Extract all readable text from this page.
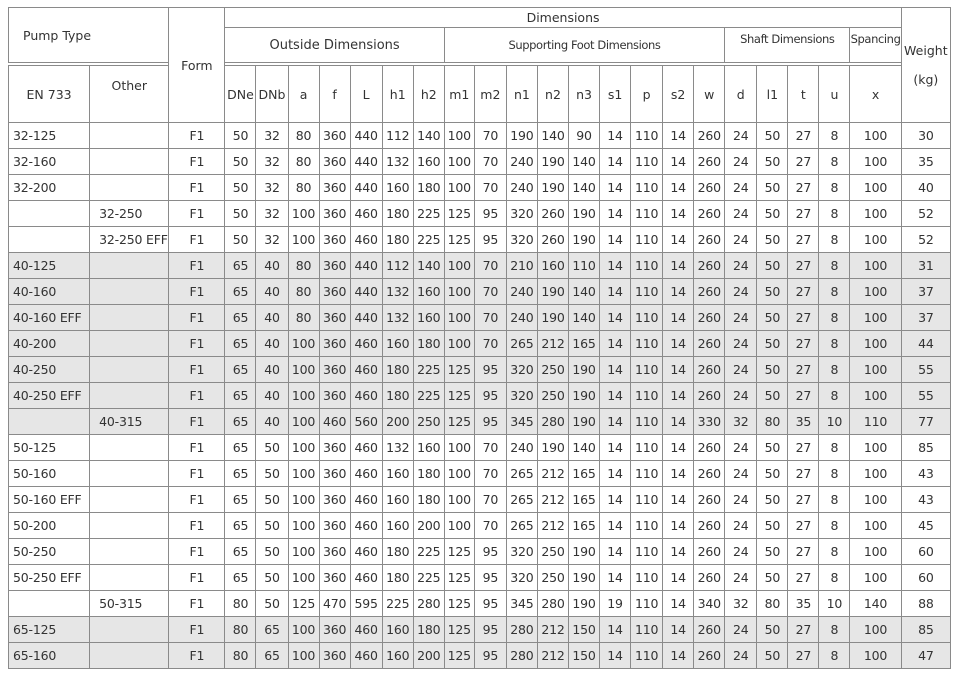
Pump Type		Form	Dimensions																					Weight
(kg)

			Outside Dimensions							Supporting Foot Dimensions									Shaft Dimensions				Spancing	

EN 733	Other		DNe	DNb	a	f	L	h1	h2	m1	m2	n1	n2	n3	s1	p	s2	w	d	l1	t	u	x	
32-125		F1	50	32	80	360	440	112	140	100	70	190	140	90	14	110	14	260	24	50	27	8	100	30
32-160		F1	50	32	80	360	440	132	160	100	70	240	190	140	14	110	14	260	24	50	27	8	100	35
32-200		F1	50	32	80	360	440	160	180	100	70	240	190	140	14	110	14	260	24	50	27	8	100	40
	32-250	F1	50	32	100	360	460	180	225	125	95	320	260	190	14	110	14	260	24	50	27	8	100	52
	32-250 EFF	F1	50	32	100	360	460	180	225	125	95	320	260	190	14	110	14	260	24	50	27	8	100	52
40-125		F1	65	40	80	360	440	112	140	100	70	210	160	110	14	110	14	260	24	50	27	8	100	31
40-160		F1	65	40	80	360	440	132	160	100	70	240	190	140	14	110	14	260	24	50	27	8	100	37
40-160 EFF		F1	65	40	80	360	440	132	160	100	70	240	190	140	14	110	14	260	24	50	27	8	100	37
40-200		F1	65	40	100	360	460	160	180	100	70	265	212	165	14	110	14	260	24	50	27	8	100	44
40-250		F1	65	40	100	360	460	180	225	125	95	320	250	190	14	110	14	260	24	50	27	8	100	55
40-250 EFF		F1	65	40	100	360	460	180	225	125	95	320	250	190	14	110	14	260	24	50	27	8	100	55
	40-315	F1	65	40	100	460	560	200	250	125	95	345	280	190	14	110	14	330	32	80	35	10	110	77
50-125		F1	65	50	100	360	460	132	160	100	70	240	190	140	14	110	14	260	24	50	27	8	100	85
50-160		F1	65	50	100	360	460	160	180	100	70	265	212	165	14	110	14	260	24	50	27	8	100	43
50-160 EFF		F1	65	50	100	360	460	160	180	100	70	265	212	165	14	110	14	260	24	50	27	8	100	43
50-200		F1	65	50	100	360	460	160	200	100	70	265	212	165	14	110	14	260	24	50	27	8	100	45
50-250		F1	65	50	100	360	460	180	225	125	95	320	250	190	14	110	14	260	24	50	27	8	100	60
50-250 EFF		F1	65	50	100	360	460	180	225	125	95	320	250	190	14	110	14	260	24	50	27	8	100	60
	50-315	F1	80	50	125	470	595	225	280	125	95	345	280	190	19	110	14	340	32	80	35	10	140	88
65-125		F1	80	65	100	360	460	160	180	125	95	280	212	150	14	110	14	260	24	50	27	8	100	85
65-160		F1	80	65	100	360	460	160	200	125	95	280	212	150	14	110	14	260	24	50	27	8	100	47
